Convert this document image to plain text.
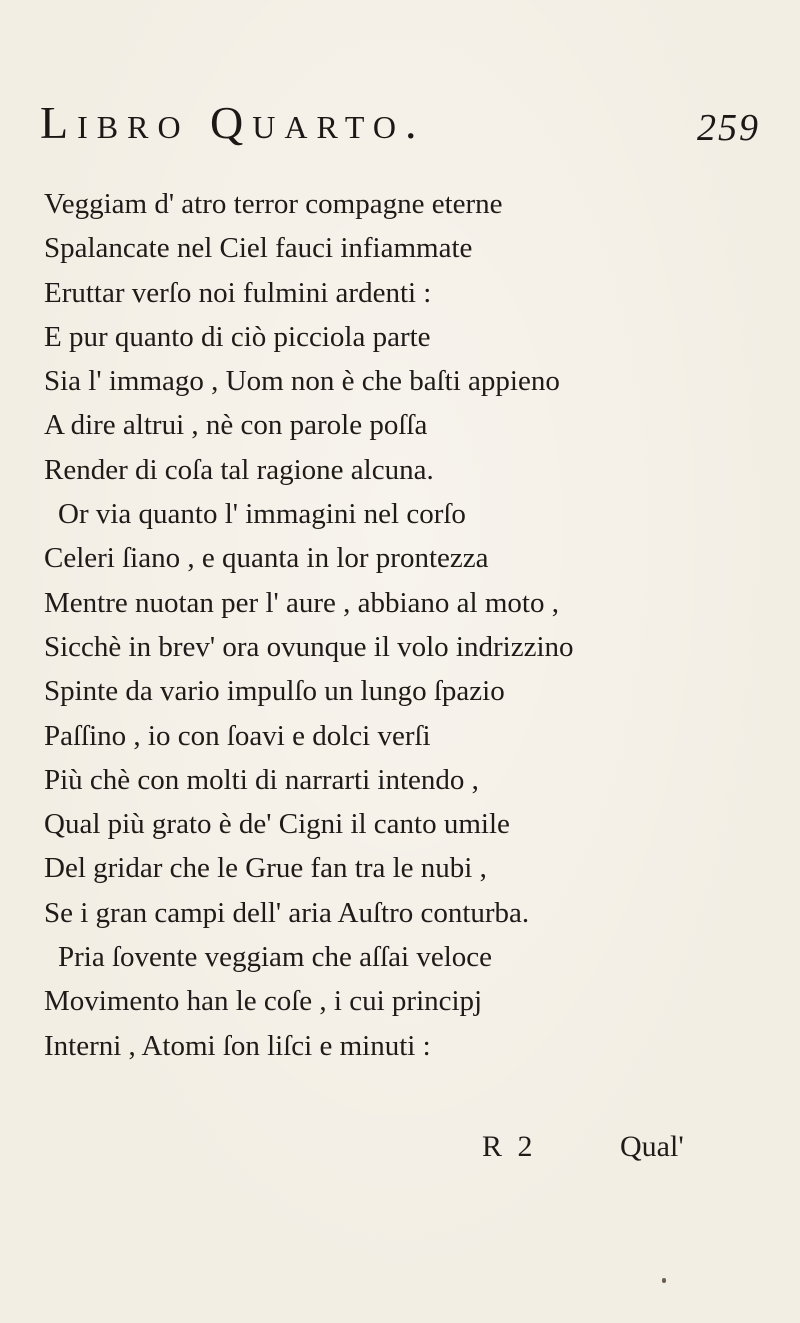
Libro Quarto.	259
Veggiam d' atro terror compagne eterne
Spalancate nel Ciel fauci infiammate
Eruttar verſo noi fulmini ardenti :
E pur quanto di ciò picciola parte
Sia l' immago , Uom non è che baſti appieno
A dire altrui , nè con parole poſſa
Render di coſa tal ragione alcuna.
Or via quanto l' immagini nel corſo
Celeri ſiano , e quanta in lor prontezza
Mentre nuotan per l' aure , abbiano al moto ,
Sicchè in brev' ora ovunque il volo indrizzino
Spinte da vario impulſo un lungo ſpazio
Paſſino , io con ſoavi e dolci verſi
Più chè con molti di narrarti intendo ,
Qual più grato è de' Cigni il canto umile
Del gridar che le Grue fan tra le nubi ,
Se i gran campi dell' aria Auſtro conturba.
Pria ſovente veggiam che aſſai veloce
Movimento han le coſe , i cui principj
Interni , Atomi ſon liſci e minuti :
R 2	Qual'
